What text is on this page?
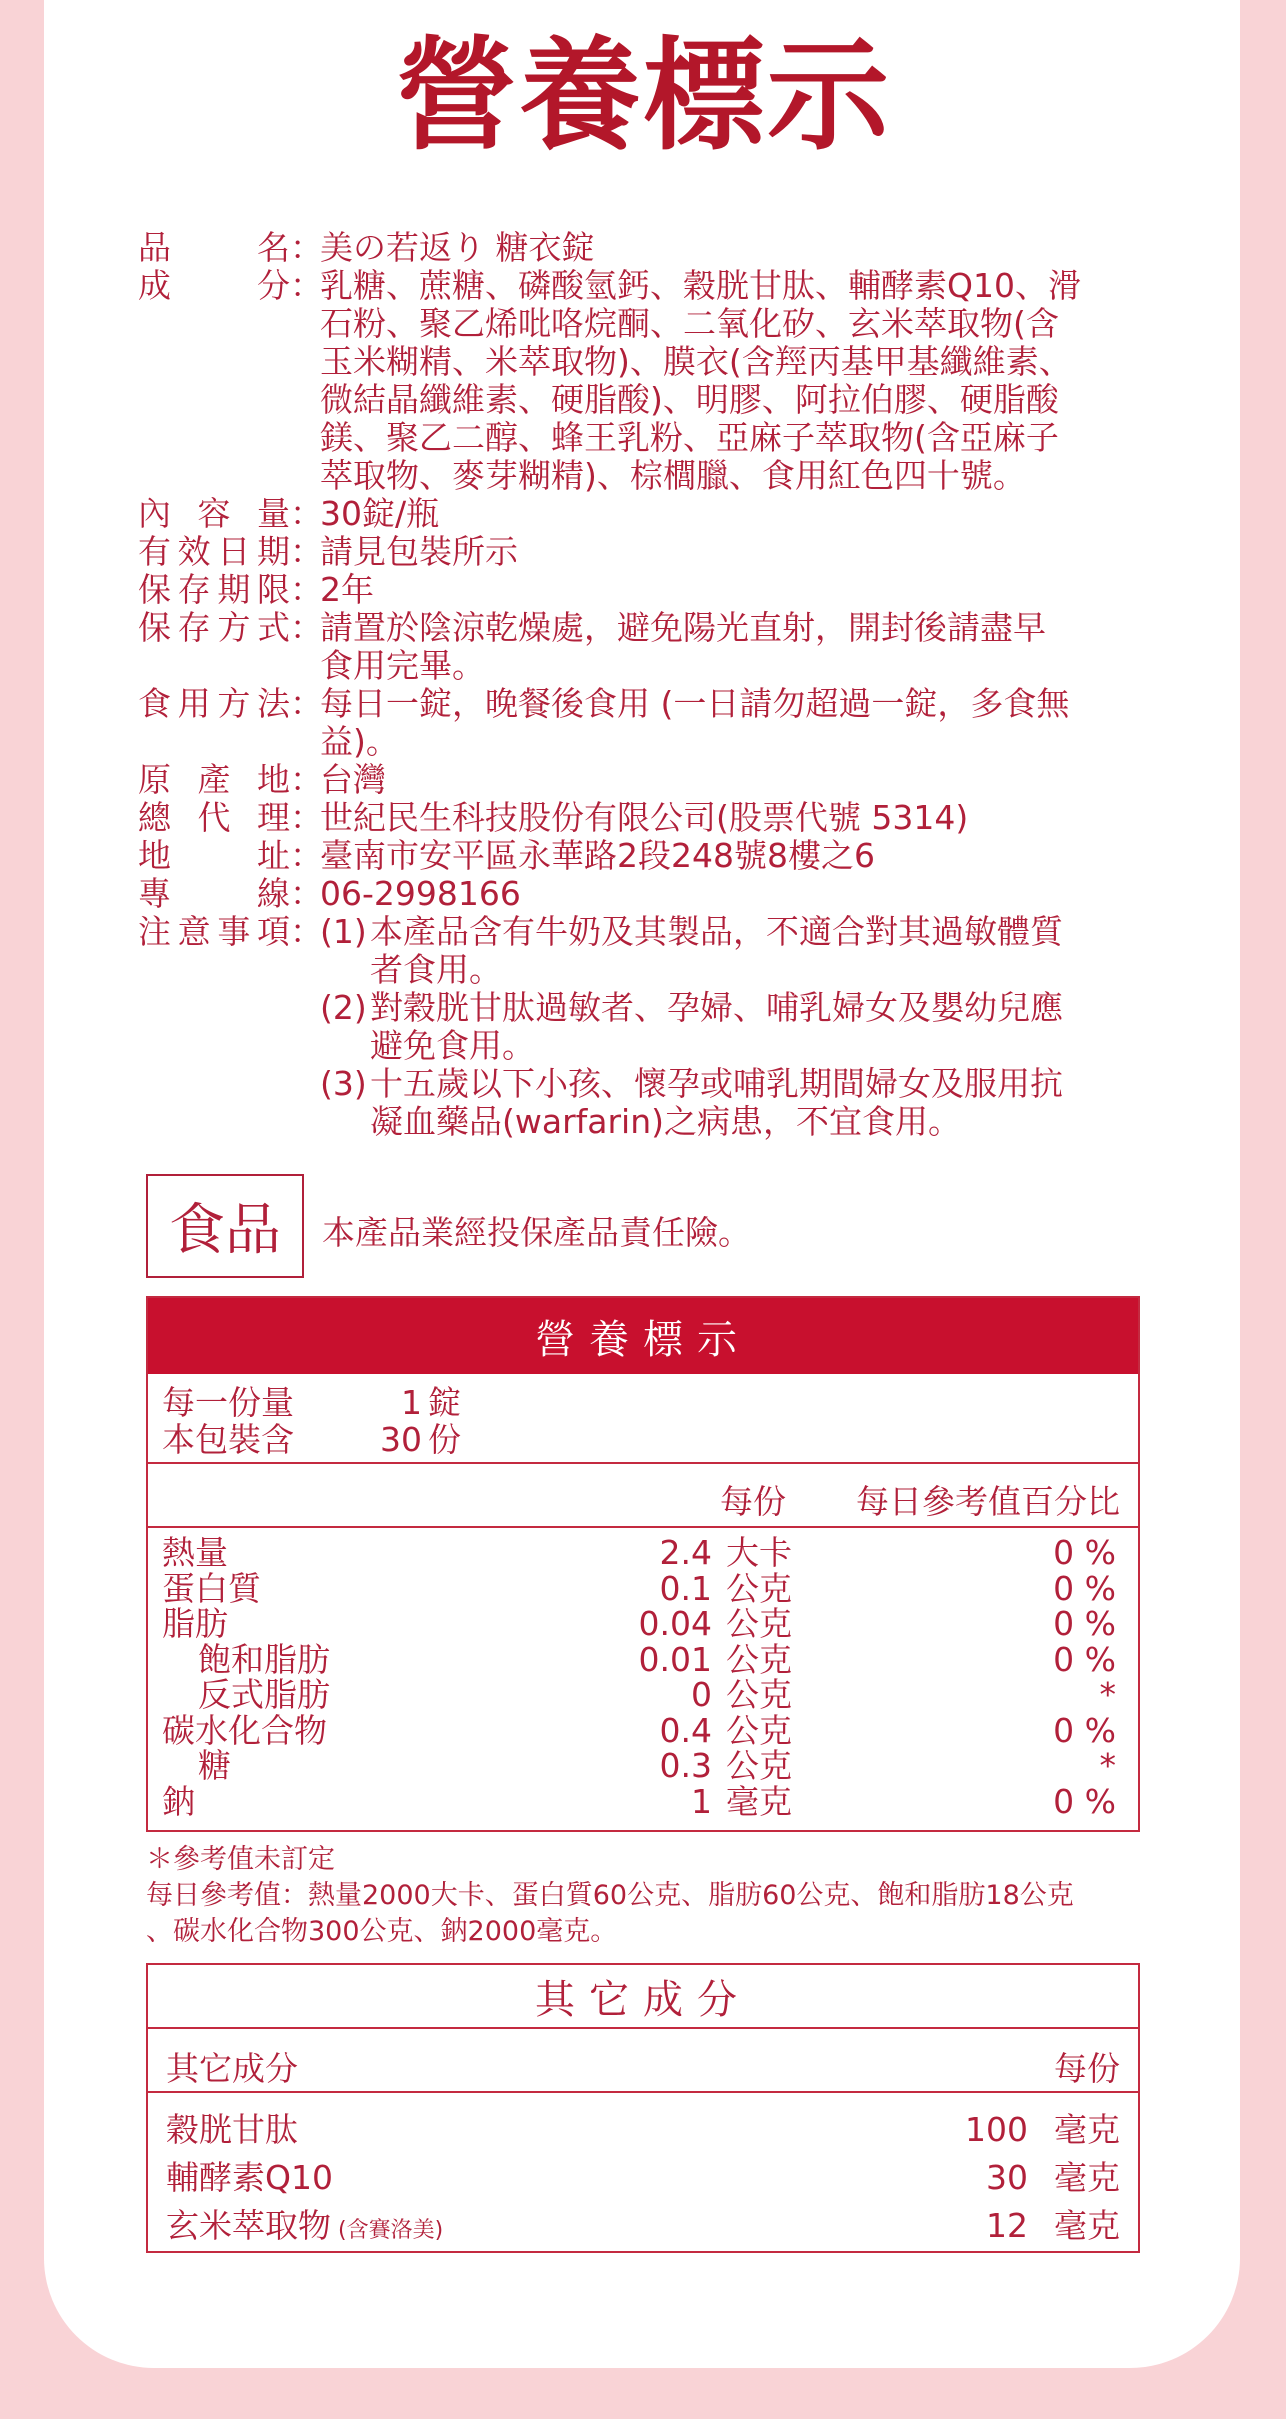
營養標示
品	名 ：
美の若返り 糖衣錠
成	分 ：
乳糖、蔗糖、磷酸氫鈣、穀胱甘肽、輔酵素Q10、滑
石粉、聚乙烯吡咯烷酮、二氧化矽、玄米萃取物(含
玉米糊精、米萃取物)、膜衣(含羥丙基甲基纖維素、
微結晶纖維素、硬脂酸)、明膠、阿拉伯膠、硬脂酸
鎂、聚乙二醇、蜂王乳粉、亞麻子萃取物(含亞麻子
萃取物、麥芽糊精)、棕櫚臘、食用紅色四十號。
內 容 量 ：
30錠/瓶
有 效 日 期 ：
請見包裝所示
保 存 期 限 ：
2年
保 存 方 式 ：
請置於陰涼乾燥處，避免陽光直射，開封後請盡早
食用完畢。
食 用 方 法 ：
每日一錠，晚餐後食用 (一日請勿超過一錠，多食無
益)。
原 產 地 ：
台灣
總 代 理 ：
世紀民生科技股份有限公司(股票代號 5314)
地	址 ：
臺南市安平區永華路2段248號8樓之6
專	線 ：
06-2998166
注 意 事 項 ：
(1) 本產品含有牛奶及其製品，不適合對其過敏體質
者食用。
(2) 對穀胱甘肽過敏者、孕婦、哺乳婦女及嬰幼兒應
避免食用。
(3) 十五歲以下小孩、懷孕或哺乳期間婦女及服用抗
凝血藥品(warfarin)之病患，不宜食用。
食品	本產品業經投保產品責任險。
營養標示
每一份量	1 錠
本包裝含	30 份
每份 每日參考值百分比
熱量	2.4 大卡	0 %
蛋白質	0.1 公克	0 %
脂肪	0.04 公克	0 %
飽和脂肪	0.01 公克	0 %
反式脂肪	0 公克	*
碳水化合物	0.4 公克	0 %
糖	0.3 公克	*
鈉	1 毫克	0 %
＊參考值未訂定
每日參考值：熱量2000大卡、蛋白質60公克、脂肪60公克、飽和脂肪18公克
、碳水化合物300公克、鈉2000毫克。
其它成分
其它成分	每份
穀胱甘肽	100 毫克
輔酵素Q10	30 毫克
玄米萃取物 (含賽洛美)	12 毫克
